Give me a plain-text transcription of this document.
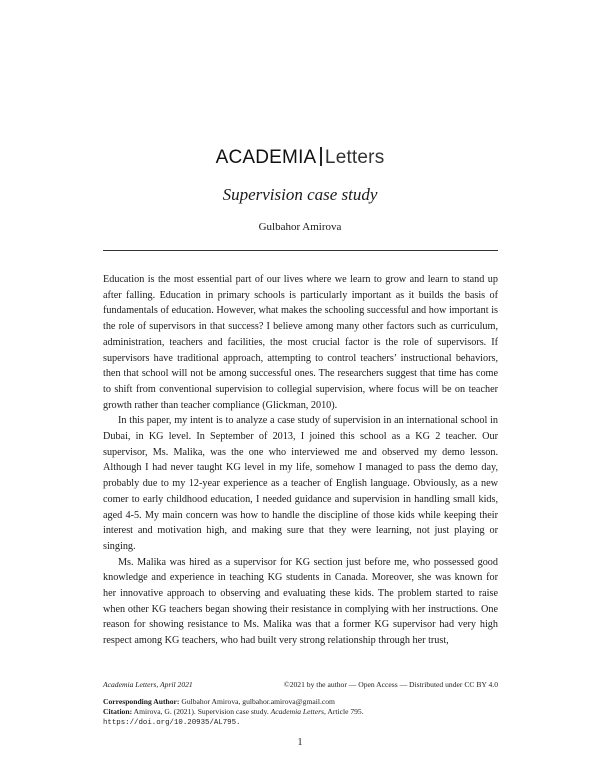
ACADEMIA Letters
Supervision case study
Gulbahor Amirova

Education is the most essential part of our lives where we learn to grow and learn to stand up after falling. Education in primary schools is particularly important as it builds the basis of fundamentals of education. However, what makes the schooling successful and how important is the role of supervisors in that success? I believe among many other factors such as curriculum, administration, teachers and facilities, the most crucial factor is the role of supervisors. If supervisors have traditional approach, attempting to control teachers’ instructional behaviors, then that school will not be among successful ones. The researchers suggest that time has come to shift from conventional supervision to collegial supervision, where focus will be on teacher growth rather than teacher compliance (Glickman, 2010).

In this paper, my intent is to analyze a case study of supervision in an international school in Dubai, in KG level. In September of 2013, I joined this school as a KG 2 teacher. Our supervisor, Ms. Malika, was the one who interviewed me and observed my demo lesson. Although I had never taught KG level in my life, somehow I managed to pass the demo day, probably due to my 12-year experience as a teacher of English language. Obviously, as a new comer to early childhood education, I needed guidance and supervision in handling small kids, aged 4-5. My main concern was how to handle the discipline of those kids while keeping their interest and motivation high, and making sure that they were learning, not just playing or singing.

Ms. Malika was hired as a supervisor for KG section just before me, who possessed good knowledge and experience in teaching KG students in Canada. Moreover, she was known for her innovative approach to observing and evaluating these kids. The problem started to raise when other KG teachers began showing their resistance in complying with her instructions. One reason for showing resistance to Ms. Malika was that a former KG supervisor had very high respect among KG teachers, who had built very strong relationship through her trust,

Academia Letters, April 2021	©2021 by the author — Open Access — Distributed under CC BY 4.0
Corresponding Author: Gulbahor Amirova, gulbahor.amirova@gmail.com
Citation: Amirova, G. (2021). Supervision case study. Academia Letters, Article 795.
https://doi.org/10.20935/AL795.
1
